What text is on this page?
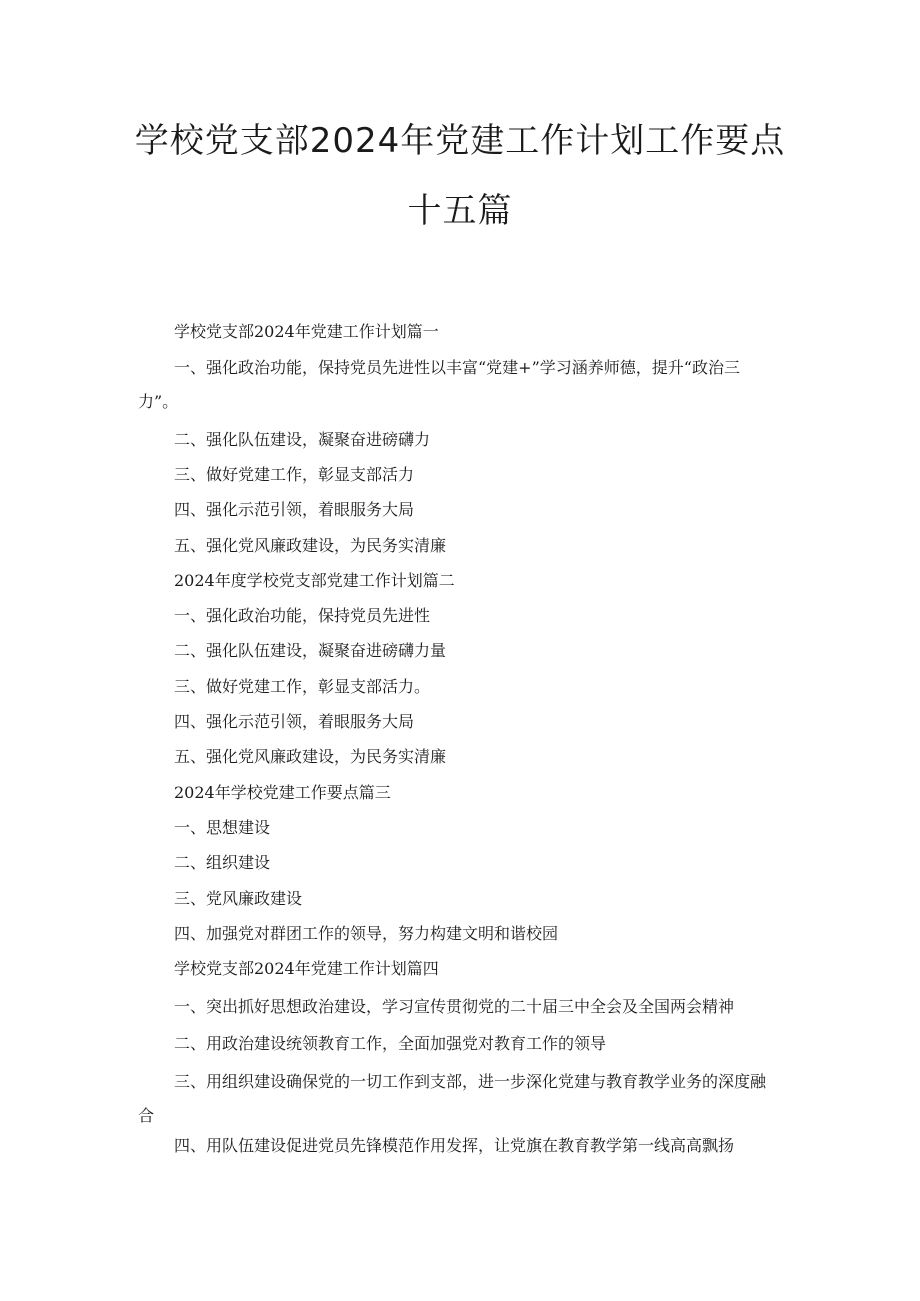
学校党支部2024年党建工作计划工作要点
十五篇
学校党支部2024年党建工作计划篇一
一、强化政治功能，保持党员先进性以丰富“党建+”学习涵养师德，提升“政治三力”。
二、强化队伍建设，凝聚奋进磅礴力
三、做好党建工作，彰显支部活力
四、强化示范引领，着眼服务大局
五、强化党风廉政建设，为民务实清廉
2024年度学校党支部党建工作计划篇二
一、强化政治功能，保持党员先进性
二、强化队伍建设，凝聚奋进磅礴力量
三、做好党建工作，彰显支部活力。
四、强化示范引领，着眼服务大局
五、强化党风廉政建设，为民务实清廉
2024年学校党建工作要点篇三
一、思想建设
二、组织建设
三、党风廉政建设
四、加强党对群团工作的领导，努力构建文明和谐校园
学校党支部2024年党建工作计划篇四
一、突出抓好思想政治建设，学习宣传贯彻党的二十届三中全会及全国两会精神
二、用政治建设统领教育工作，全面加强党对教育工作的领导
三、用组织建设确保党的一切工作到支部，进一步深化党建与教育教学业务的深度融合
四、用队伍建设促进党员先锋模范作用发挥，让党旗在教育教学第一线高高飘扬
